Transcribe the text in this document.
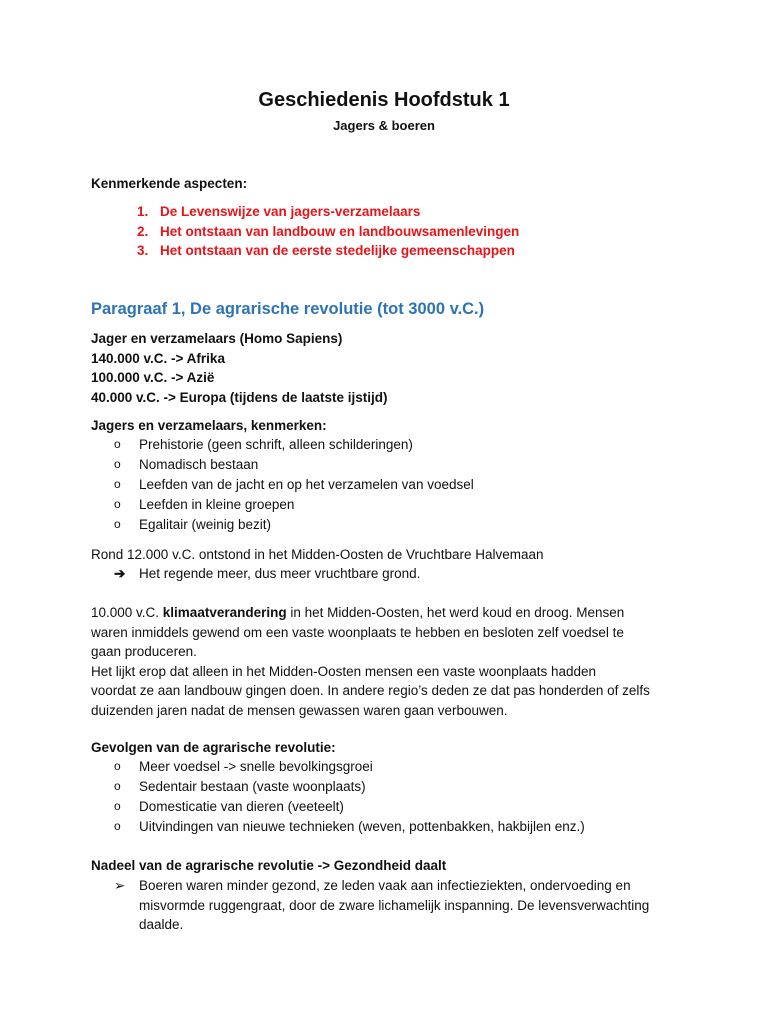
Geschiedenis Hoofdstuk 1
Jagers & boeren
Kenmerkende aspecten:
1. De Levenswijze van jagers-verzamelaars
2. Het ontstaan van landbouw en landbouwsamenlevingen
3. Het ontstaan van de eerste stedelijke gemeenschappen
Paragraaf 1, De agrarische revolutie (tot 3000 v.C.)
Jager en verzamelaars (Homo Sapiens)
140.000 v.C. -> Afrika
100.000 v.C. -> Azië
40.000 v.C. -> Europa (tijdens de laatste ijstijd)
Jagers en verzamelaars, kenmerken:
o Prehistorie (geen schrift, alleen schilderingen)
o Nomadisch bestaan
o Leefden van de jacht en op het verzamelen van voedsel
o Leefden in kleine groepen
o Egalitair (weinig bezit)
Rond 12.000 v.C. ontstond in het Midden-Oosten de Vruchtbare Halvemaan
➔ Het regende meer, dus meer vruchtbare grond.
10.000 v.C. klimaatverandering in het Midden-Oosten, het werd koud en droog. Mensen
waren inmiddels gewend om een vaste woonplaats te hebben en besloten zelf voedsel te
gaan produceren.
Het lijkt erop dat alleen in het Midden-Oosten mensen een vaste woonplaats hadden
voordat ze aan landbouw gingen doen. In andere regio’s deden ze dat pas honderden of zelfs
duizenden jaren nadat de mensen gewassen waren gaan verbouwen.
Gevolgen van de agrarische revolutie:
o Meer voedsel -> snelle bevolkingsgroei
o Sedentair bestaan (vaste woonplaats)
o Domesticatie van dieren (veeteelt)
o Uitvindingen van nieuwe technieken (weven, pottenbakken, hakbijlen enz.)
Nadeel van de agrarische revolutie -> Gezondheid daalt
➢ Boeren waren minder gezond, ze leden vaak aan infectieziekten, ondervoeding en
misvormde ruggengraat, door de zware lichamelijk inspanning. De levensverwachting
daalde.
